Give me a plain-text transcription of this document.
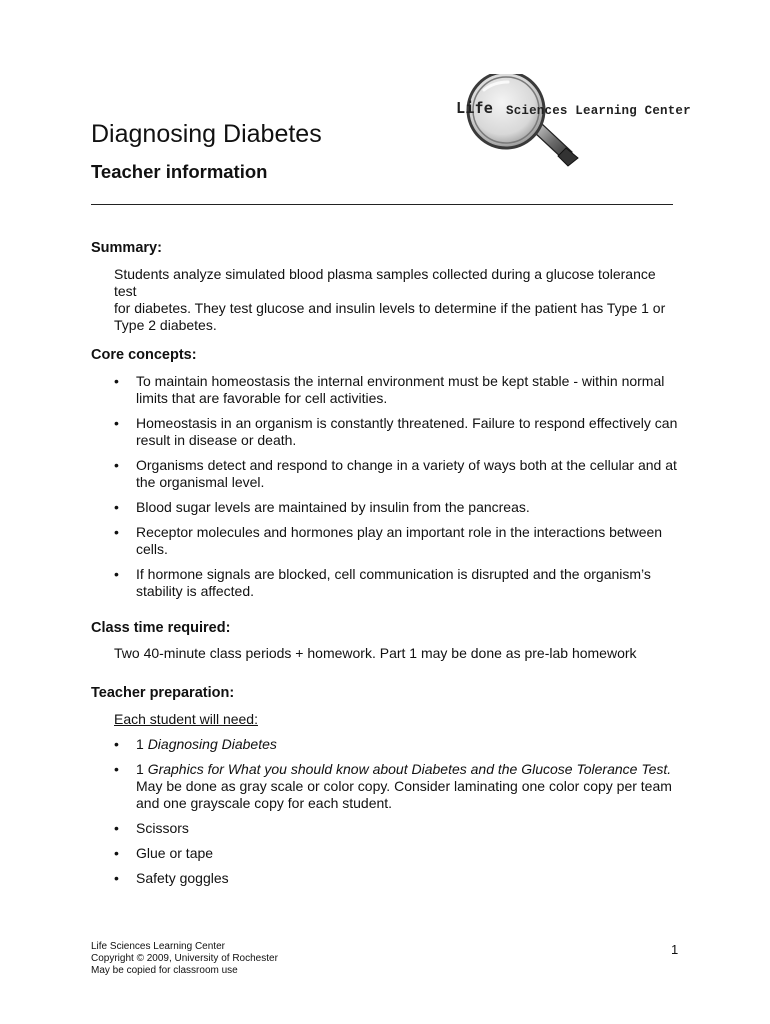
Life Sciences Learning Center
Diagnosing Diabetes
Teacher information
Summary:
Students analyze simulated blood plasma samples collected during a glucose tolerance test
for diabetes. They test glucose and insulin levels to determine if the patient has Type 1 or
Type 2 diabetes.
Core concepts:
• To maintain homeostasis the internal environment must be kept stable - within normal limits that are favorable for cell activities.
• Homeostasis in an organism is constantly threatened. Failure to respond effectively can result in disease or death.
• Organisms detect and respond to change in a variety of ways both at the cellular and at the organismal level.
• Blood sugar levels are maintained by insulin from the pancreas.
• Receptor molecules and hormones play an important role in the interactions between cells.
• If hormone signals are blocked, cell communication is disrupted and the organism’s stability is affected.
Class time required:
Two 40-minute class periods + homework. Part 1 may be done as pre-lab homework
Teacher preparation:
Each student will need:
• 1 Diagnosing Diabetes
• 1 Graphics for What you should know about Diabetes and the Glucose Tolerance Test.
May be done as gray scale or color copy. Consider laminating one color copy per team and one grayscale copy for each student.
• Scissors
• Glue or tape
• Safety goggles
Life Sciences Learning Center
Copyright © 2009, University of Rochester
May be copied for classroom use
1
